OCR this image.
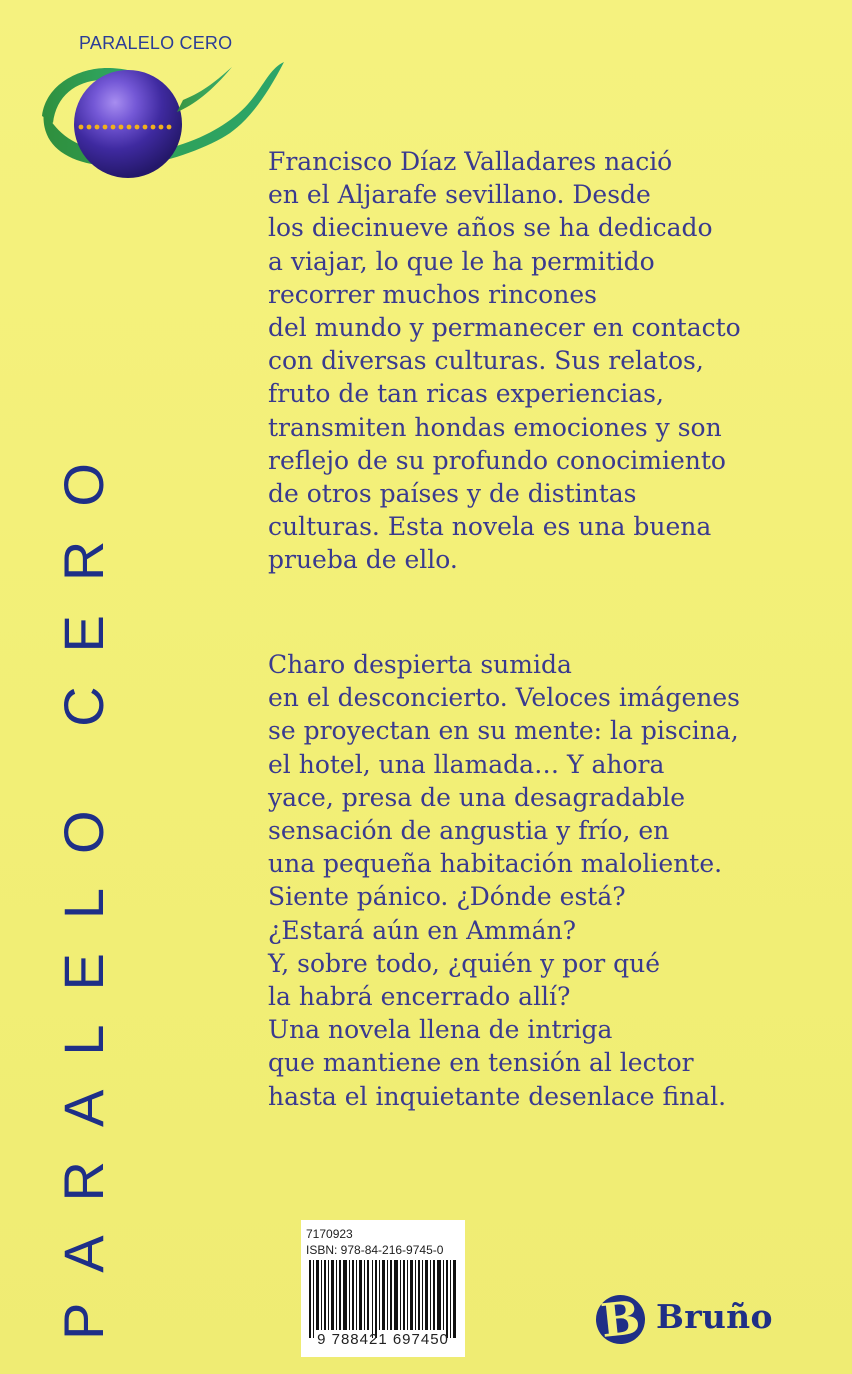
PARALELO CERO
PARALELO CERO
Francisco Díaz Valladares nació
en el Aljarafe sevillano. Desde
los diecinueve años se ha dedicado
a viajar, lo que le ha permitido
recorrer muchos rincones
del mundo y permanecer en contacto
con diversas culturas. Sus relatos,
fruto de tan ricas experiencias,
transmiten hondas emociones y son
reflejo de su profundo conocimiento
de otros países y de distintas
culturas. Esta novela es una buena
prueba de ello.
Charo despierta sumida
en el desconcierto. Veloces imágenes
se proyectan en su mente: la piscina,
el hotel, una llamada… Y ahora
yace, presa de una desagradable
sensación de angustia y frío, en
una pequeña habitación maloliente.
Siente pánico. ¿Dónde está?
¿Estará aún en Ammán?
Y, sobre todo, ¿quién y por qué
la habrá encerrado allí?
Una novela llena de intriga
que mantiene en tensión al lector
hasta el inquietante desenlace final.
7170923
ISBN: 978-84-216-9745-0
9 788421 697450	B Bruño
